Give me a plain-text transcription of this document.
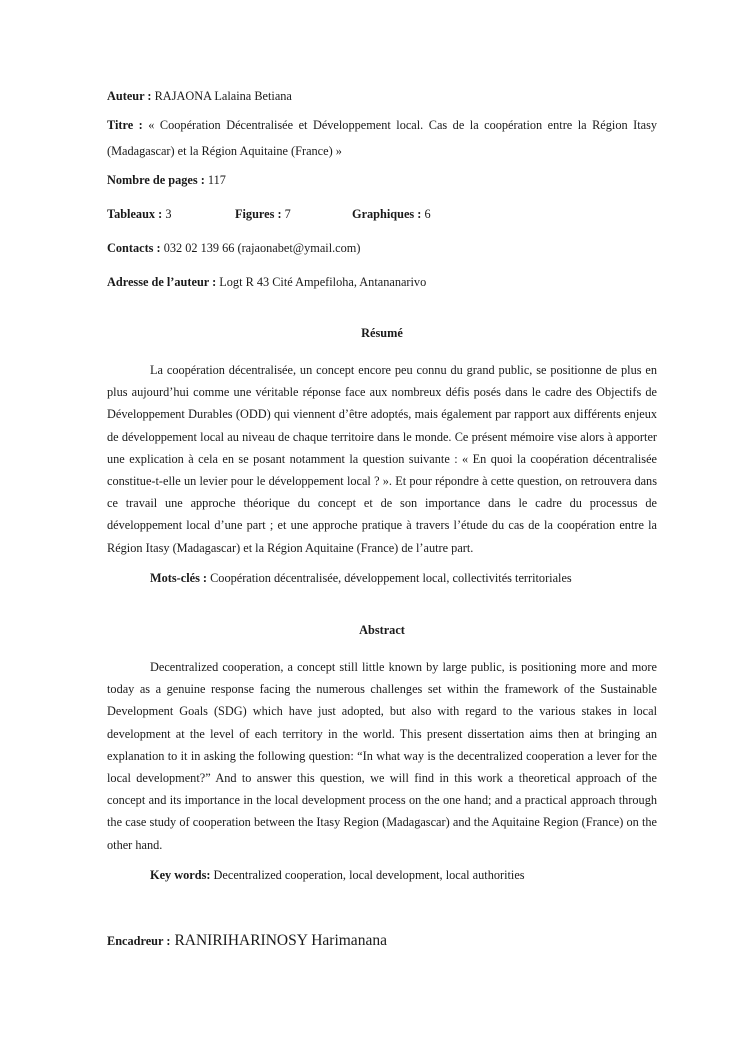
Auteur : RAJAONA Lalaina Betiana
Titre : « Coopération Décentralisée et Développement local. Cas de la coopération entre la Région Itasy (Madagascar) et la Région Aquitaine (France) »
Nombre de pages : 117
Tableaux : 3	Figures : 7	Graphiques : 6
Contacts : 032 02 139 66 (rajaonabet@ymail.com)
Adresse de l’auteur : Logt R 43 Cité Ampefiloha, Antananarivo
Résumé
La coopération décentralisée, un concept encore peu connu du grand public, se positionne de plus en plus aujourd’hui comme une véritable réponse face aux nombreux défis posés dans le cadre des Objectifs de Développement Durables (ODD) qui viennent d’être adoptés, mais également par rapport aux différents enjeux de développement local au niveau de chaque territoire dans le monde. Ce présent mémoire vise alors à apporter une explication à cela en se posant notamment la question suivante : « En quoi la coopération décentralisée constitue-t-elle un levier pour le développement local ? ». Et pour répondre à cette question, on retrouvera dans ce travail une approche théorique du concept et de son importance dans le cadre du processus de développement local d’une part ; et une approche pratique à travers l’étude du cas de la coopération entre la Région Itasy (Madagascar) et la Région Aquitaine (France) de l’autre part.
Mots-clés : Coopération décentralisée, développement local, collectivités territoriales
Abstract
Decentralized cooperation, a concept still little known by large public, is positioning more and more today as a genuine response facing the numerous challenges set within the framework of the Sustainable Development Goals (SDG) which have just adopted, but also with regard to the various stakes in local development at the level of each territory in the world. This present dissertation aims then at bringing an explanation to it in asking the following question: “In what way is the decentralized cooperation a lever for the local development?” And to answer this question, we will find in this work a theoretical approach of the concept and its importance in the local development process on the one hand; and a practical approach through the case study of cooperation between the Itasy Region (Madagascar) and the Aquitaine Region (France) on the other hand.
Key words: Decentralized cooperation, local development, local authorities
Encadreur : RANIRIHARINOSY Harimanana
